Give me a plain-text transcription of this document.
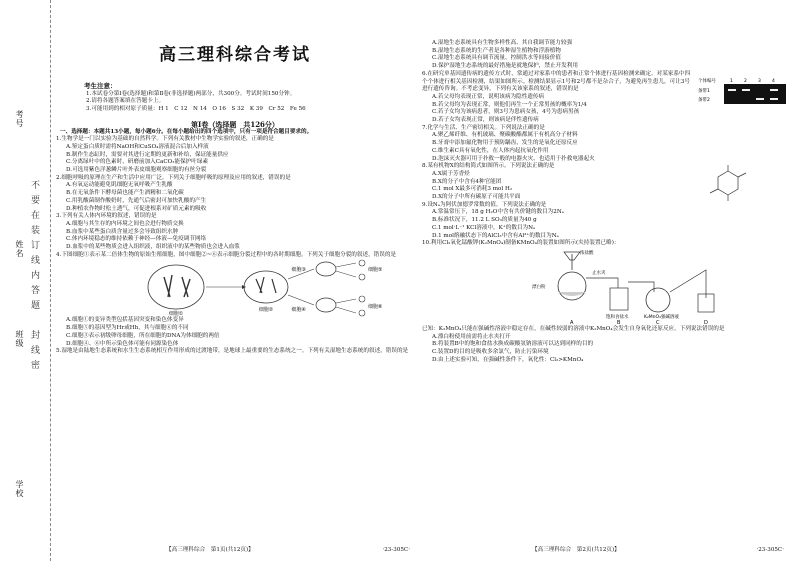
考号
姓名
班级
学校
不要在装订线内答题
封线密
高三理科综合考试
考生注意：
1.本试卷分第Ⅰ卷(选择题)和第Ⅱ卷(非选择题)两部分，共300分。考试时间150分钟。
2.请将各题答案填在答题卡上。
3.可能用到的相对原子质量：H 1　C 12　N 14　O 16　S 32　K 39　Cr 52　Fe 56
第Ⅰ卷（选择题　共126分）
一、选择题：本题共13小题，每小题6分。在每小题给出的四个选项中，只有一项是符合题目要求的。
1.生物学是一门以实验为基础的自然科学。下列有关教材中生物学实验的叙述，正确的是
A.鉴定蛋白质时需将NaOH和CuSO₄溶液混合后加入样液
B.制作生态缸时，需要对其进行定期的更新和补给，保证能量供应
C.分离绿叶中的色素时，研磨前加入CaCO₃能保护叶绿素
D.可选用紫色洋葱鳞片叶外表皮细胞观察细胞的有丝分裂
2.细胞呼吸的原理在生产和生活中应用广泛。下列关于细胞呼吸的原理及应用的叙述，错误的是
A.有氧运动能避免肌细胞无氧呼吸产生乳酸
B.在无氧条件下酵母菌也能产生酒精和二氧化碳
C.用乳酸菌制作酸奶时，先通气后密封可加快乳酸的产生
D.种植农作物时松土透气，可促进根系对矿质元素的吸收
3.下列有关人体内环境的叙述，错误的是
A.细胞与其生存的内环境之间也会进行物质交换
B.血浆中某些蛋白质含量过多会导致组织水肿
C.体内环境稳态的维持依赖于神经—体液—免疫调节网络
D.血浆中的某些物质会进入组织液，组织液中的某些物质也会进入血浆
4.下图细胞①表示某二倍体生物的原始生殖细胞，图中细胞②~⑥表示细胞分裂过程中的各时期细胞。下列关于细胞分裂的叙述，错误的是
细胞①
细胞②
细胞③
细胞④
细胞⑤
细胞⑥
A.细胞①的变异类型包括基因突变和染色体变异
B.细胞⑤的基因型为Hr或Hh，其与细胞⑥的不同
C.细胞③表示初级卵母细胞，所在细胞的DNA为体细胞的两倍
D.细胞④、⑥中所示染色体可能有同源染色体
5.湿地是由陆地生态系统和水生生态系统相互作用形成的过渡地带，是地球上最重要的生态系统之一。下列有关湿地生态系统的叙述，错误的是
【高三理科综合　第1页(共12页)】	·23-305C·
A.湿地生态系统具有生物多样性高、其自我调节能力较强
B.湿地生态系统的生产者是各种湿生植物和浮游植物
C.湿地生态系统具有调节流量、控制洪水等间接价值
D.保护湿地生态系统的最好措施是就地保护，禁止开发利用
6.在研究单基因遗传病的遗传方式时，常通过对家系中的患者和正常个体进行基因检测来确定。对某家系中四个个体进行相关基因检测，结果如图所示。检测结果显示1号和2号都不是杂合子，为避免再生患儿，可让3号进行遗传咨询。不考虑变异，下列有关该家系的叙述，错误的是
个体编号	1 2 3 4
条带1
条带2
A.若父母均表现正常，说明该病为隐性遗传病
B.若父母均为表现正常，则他们再生一个正常男孩的概率为1/4
C.若子女均为该病患者，则3号为患病女孩，4号为患病男孩
D.若子女均表现正常，则该病是伴性遗传病
7.化学与生活、生产密切相关。下列说法正确的是
A.聚乙烯纤维、有机玻璃、聚碳酸酯都属于有机高分子材料
B.牙膏中添加氟化物用于预防龋齿，发生的是氧化还原反应
C.维生素C具有氧化性，在人体内起抗氧化作用
D.泡沫灭火器可用于扑救一般的电器火灾、也适用于扑救电器起火
8.某有机物X的结构简式如图所示。下列说法正确的是
A.X属于芳香烃
B.X的分子中含有4种官能团
C.1 mol X最多可消耗3 mol H₂
D.X的分子中所有碳原子可能共平面
9.设Nₐ为阿伏加德罗常数的值。下列说法正确的是
A.常温常压下，18 g H₂O中含有共价键的数目为2Nₐ
B.标准状况下，11.2 L SO₃的质量为40 g
C.1 mol·L⁻¹ KCl溶液中，K⁺的数目为Nₐ
D.1 mol熔融状态下的AlCl₃中含有Al³⁺的数目为Nₐ
10.利用Cl₂氧化锰酸钾(K₂MnO₄)制备KMnO₄的装置如图所示(夹持装置已略)：
浓盐酸
止水夹
漂白粉
饱和食盐水	K₂MnO₄强碱溶液
A	B	C	D
已知：K₂MnO₄只能在强碱性溶液中稳定存在，在碱性较弱的溶液中K₂MnO₄会发生自身氧化还原反应。下列说法错误的是
A.漂白粉使用前需将止水夹打开
B.将装置B中的饱和食盐水换成碳酸氢钠溶液可以达到同样的目的
C.装置D的目的是吸收多余氯气，防止污染环境
D.由上述实验可知，在强碱性条件下，氧化性：Cl₂>KMnO₄
【高三理科综合　第2页(共12页)】	·23-305C·
